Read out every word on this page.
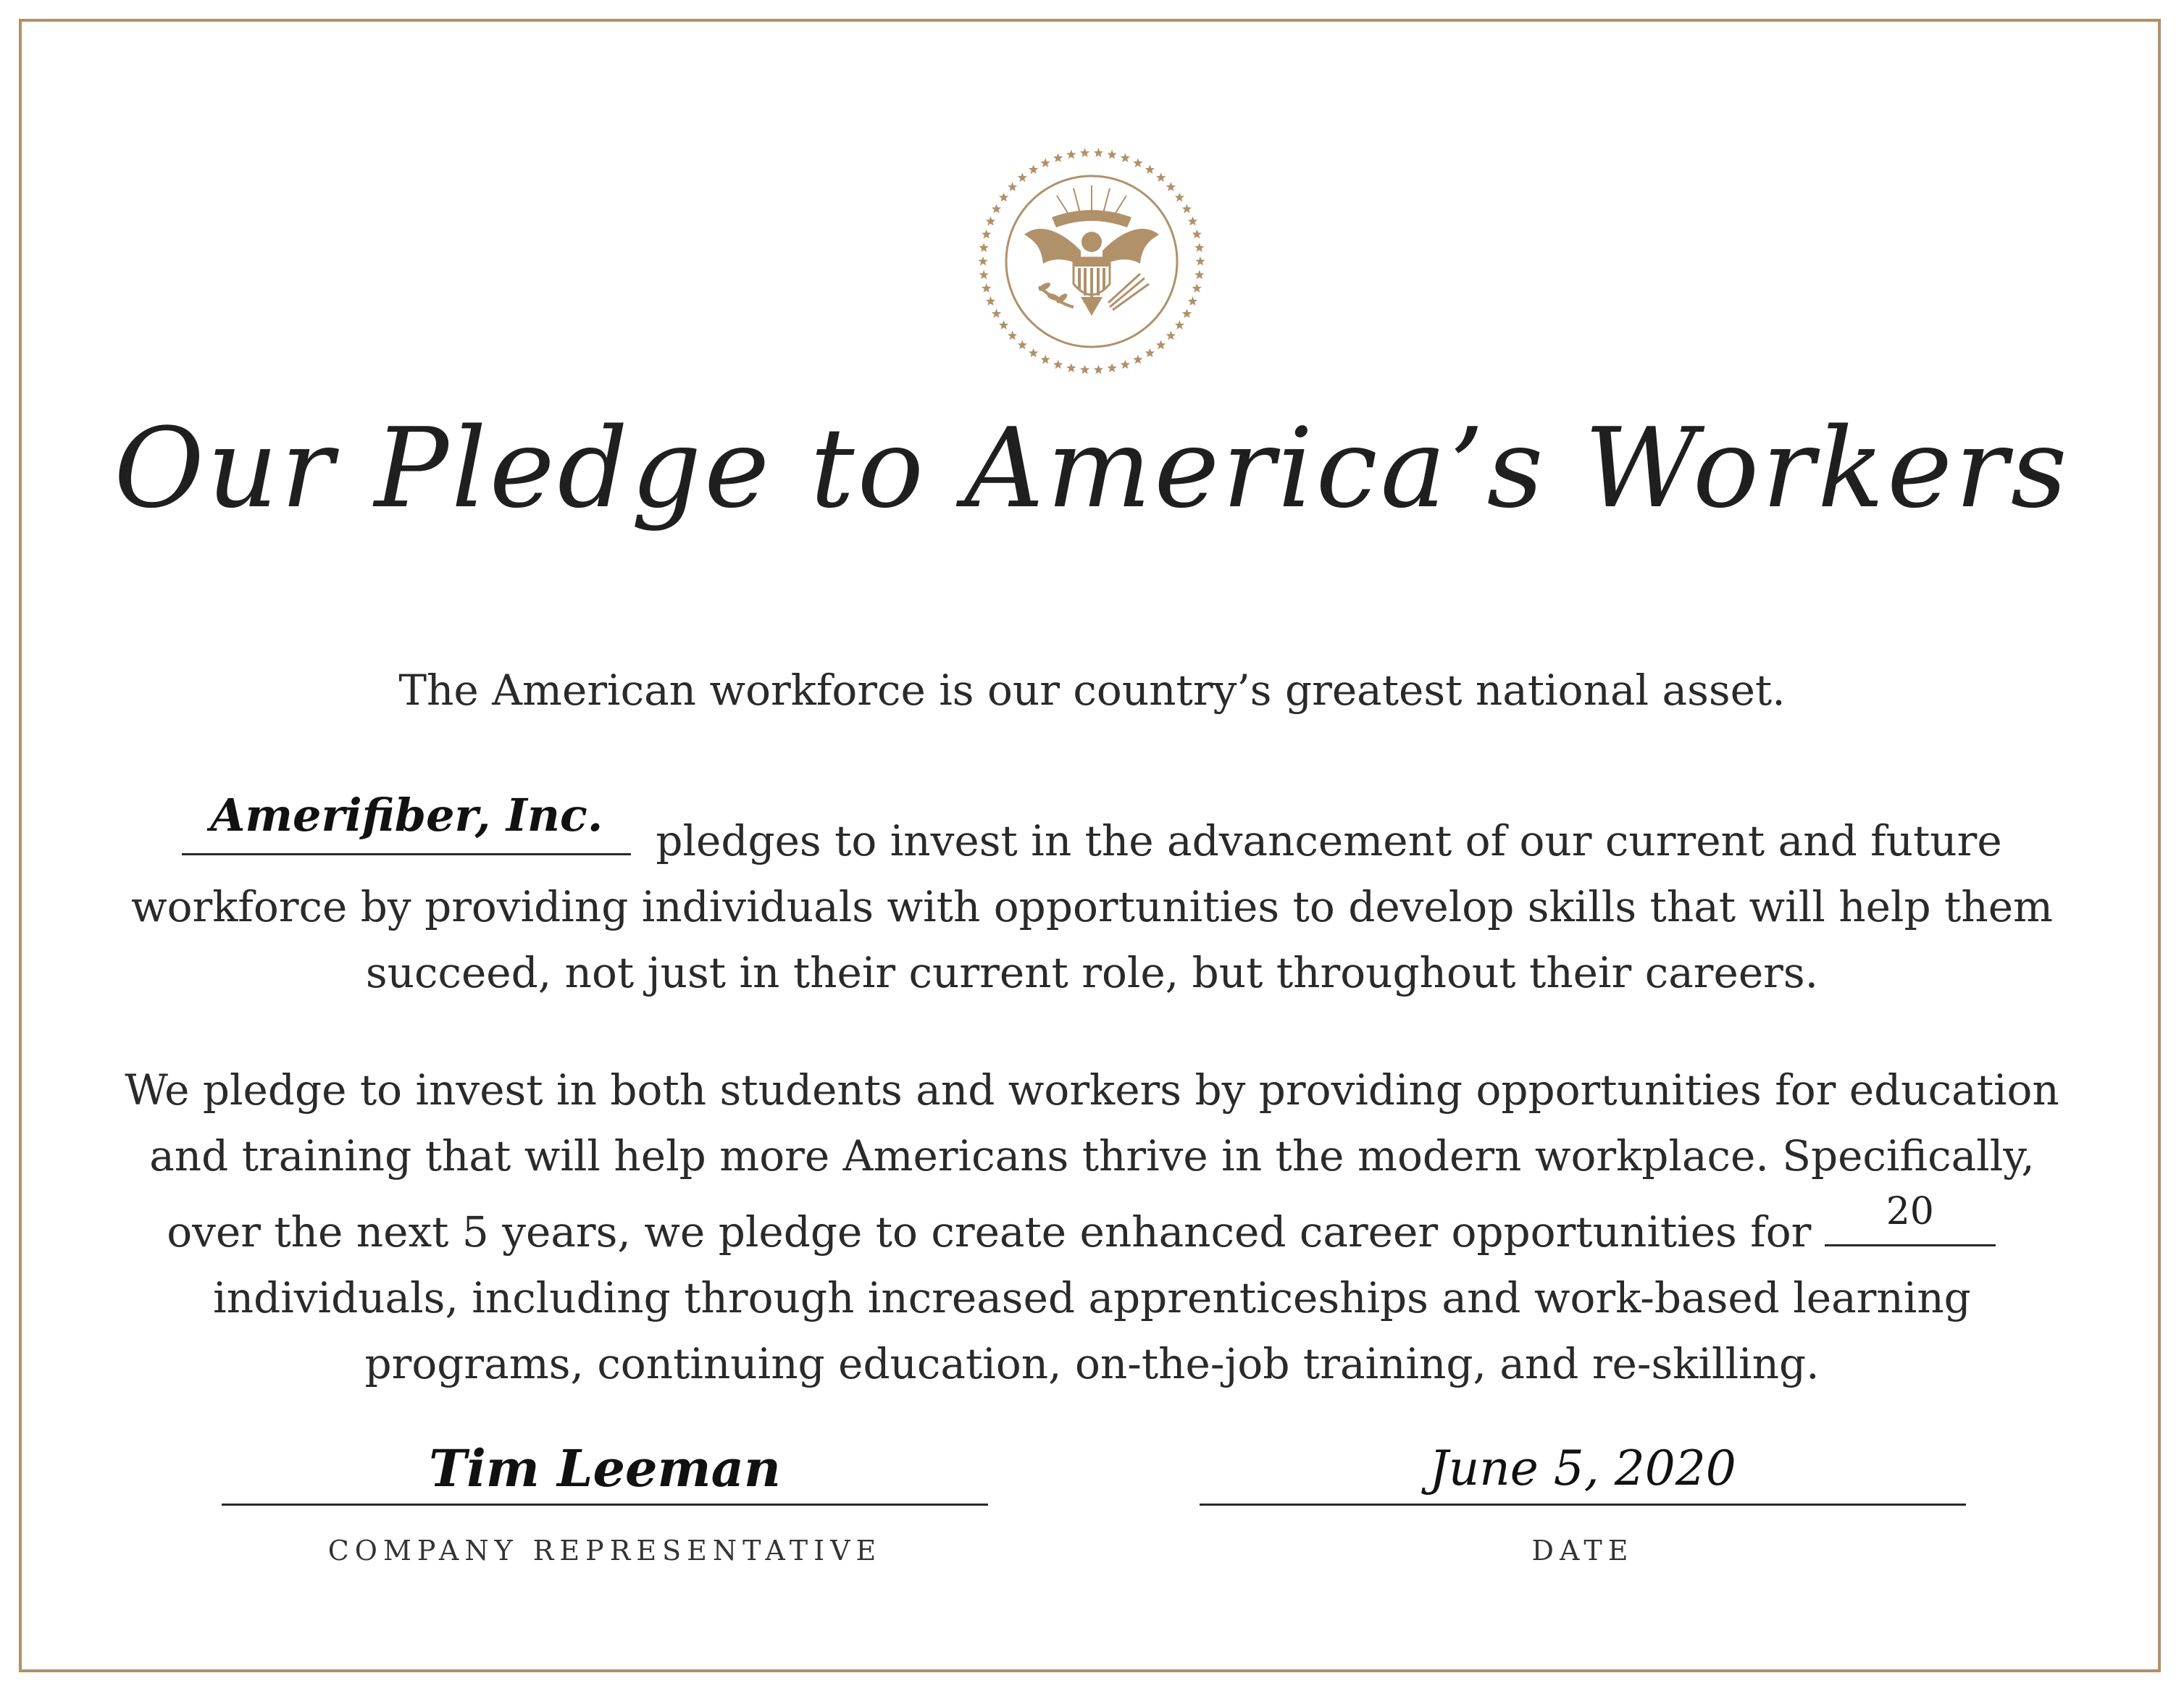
Our Pledge to America’s Workers

The American workforce is our country’s greatest national asset.

Amerifiber, Inc.	pledges to invest in the advancement of our current and future workforce by providing individuals with opportunities to develop skills that will help them succeed, not just in their current role, but throughout their careers.

We pledge to invest in both students and workers by providing opportunities for education and training that will help more Americans thrive in the modern workplace. Specifically, over the next 5 years, we pledge to create enhanced career opportunities for	20
individuals, including through increased apprenticeships and work-based learning programs, continuing education, on-the-job training, and re-skilling.

Tim Leeman
COMPANY REPRESENTATIVE
June 5, 2020
DATE
